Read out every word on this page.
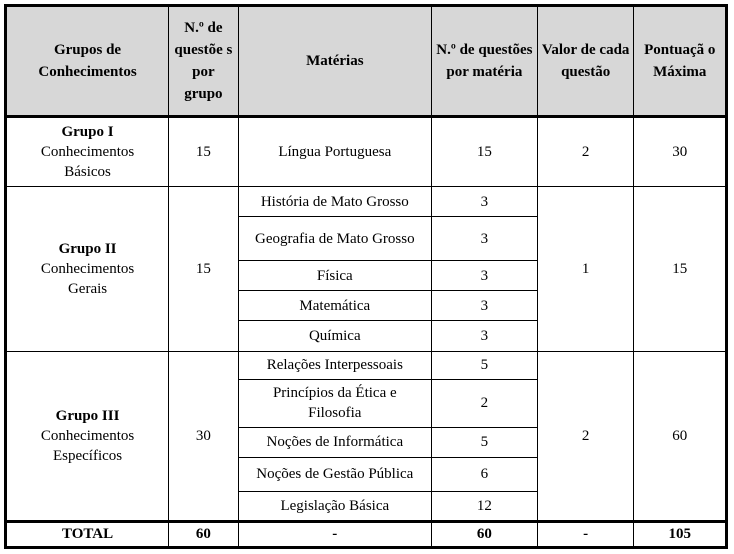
Grupos de Conhecimentos	N.º de questõe s por grupo	Matérias	N.º de questões por matéria	Valor de cada questão	Pontuaçã o Máxima

Grupo I
Conhecimentos
Básicos	15	Língua Portuguesa	15	2	30

Grupo II
Conhecimentos
Gerais	15	História de Mato Grosso	3	1	15
		Geografia de Mato Grosso	3		
		Física	3		
		Matemática	3		
		Química	3		

Grupo III
Conhecimentos
Específicos	30	Relações Interpessoais	5	2	60
		Princípios da Ética e Filosofia	2		
		Noções de Informática	5		
		Noções de Gestão Pública	6		
		Legislação Básica	12		
TOTAL	60	-	60	-	105
